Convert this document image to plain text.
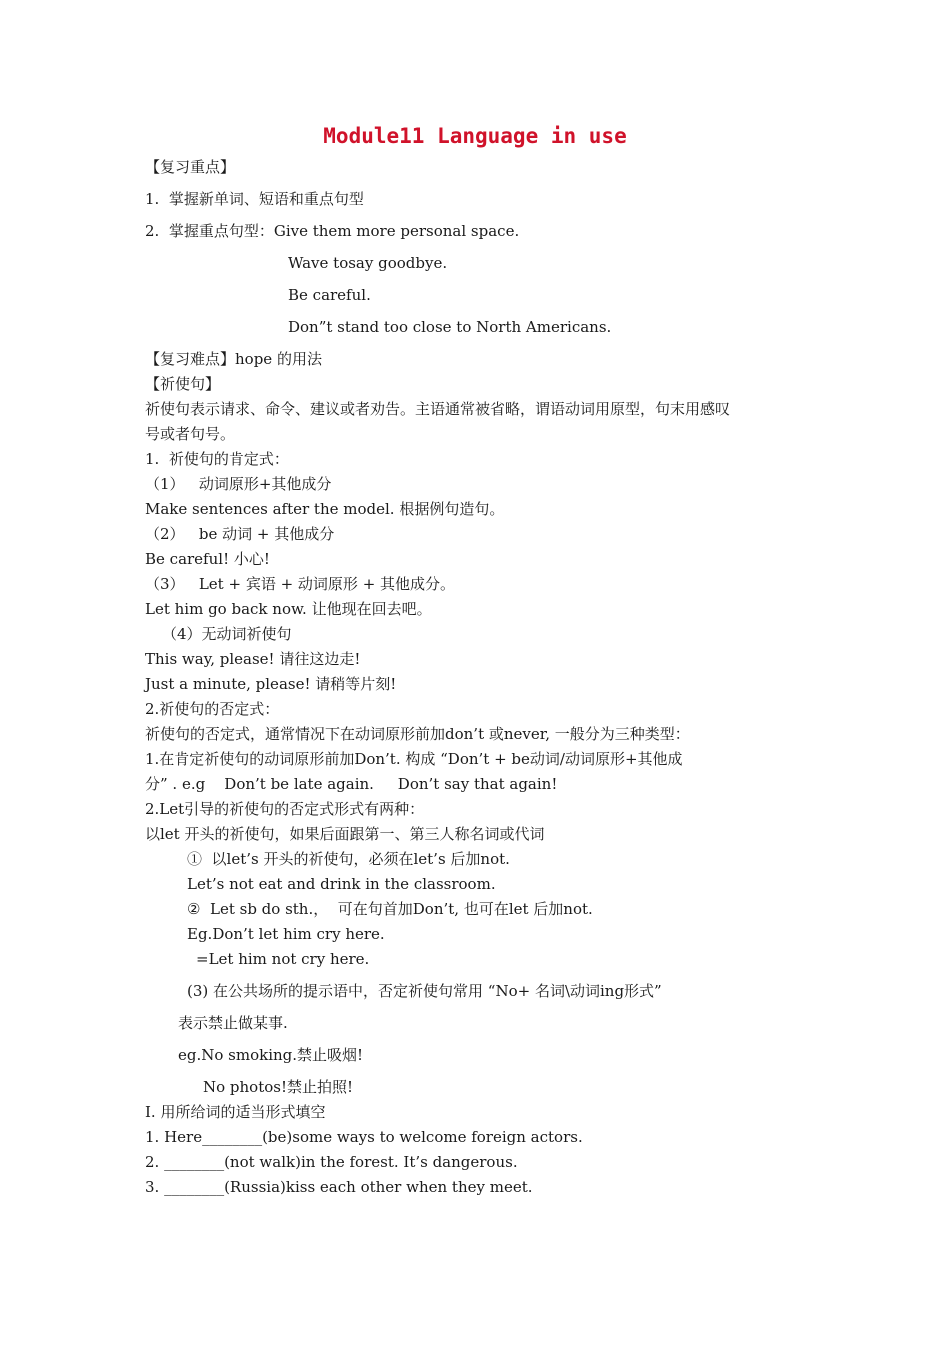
Module11 Language in use
【复习重点】
1.  掌握新单词、短语和重点句型
2.  掌握重点句型：Give them more personal space.
Wave tosay goodbye.
Be careful.
Don”t stand too close to North Americans.
【复习难点】hope 的用法
【祈使句】
祈使句表示请求、命令、建议或者劝告。主语通常被省略，谓语动词用原型，句末用感叹
号或者句号。
1.  祈使句的肯定式：
（1）   动词原形+其他成分
Make sentences after the model. 根据例句造句。
（2）   be 动词 + 其他成分
Be careful! 小心!
（3）   Let + 宾语 + 动词原形 + 其他成分。
Let him go back now. 让他现在回去吧。
（4）无动词祈使句
This way, please! 请往这边走!
Just a minute, please! 请稍等片刻!
2.祈使句的否定式：
祈使句的否定式，通常情况下在动词原形前加don’t 或never, 一般分为三种类型：
1.在肯定祈使句的动词原形前加Don’t. 构成 “Don’t + be动词/动词原形+其他成
分” . e.g    Don’t be late again.     Don’t say that again!
2.Let引导的祈使句的否定式形式有两种：
以let 开头的祈使句，如果后面跟第一、第三人称名词或代词
①  以let’s 开头的祈使句，必须在let’s 后加not.
Let’s not eat and drink in the classroom.
②  Let sb do sth.，  可在句首加Don’t, 也可在let 后加not.
Eg.Don’t let him cry here.
=Let him not cry here.
(3) 在公共场所的提示语中，否定祈使句常用 “No+ 名词\动词ing形式”
表示禁止做某事.
eg.No smoking.禁止吸烟!
No photos!禁止拍照!
Ⅰ. 用所给词的适当形式填空
1. Here________(be)some ways to welcome foreign actors.
2. ________(not walk)in the forest. It’s dangerous.
3. ________(Russia)kiss each other when they meet.
